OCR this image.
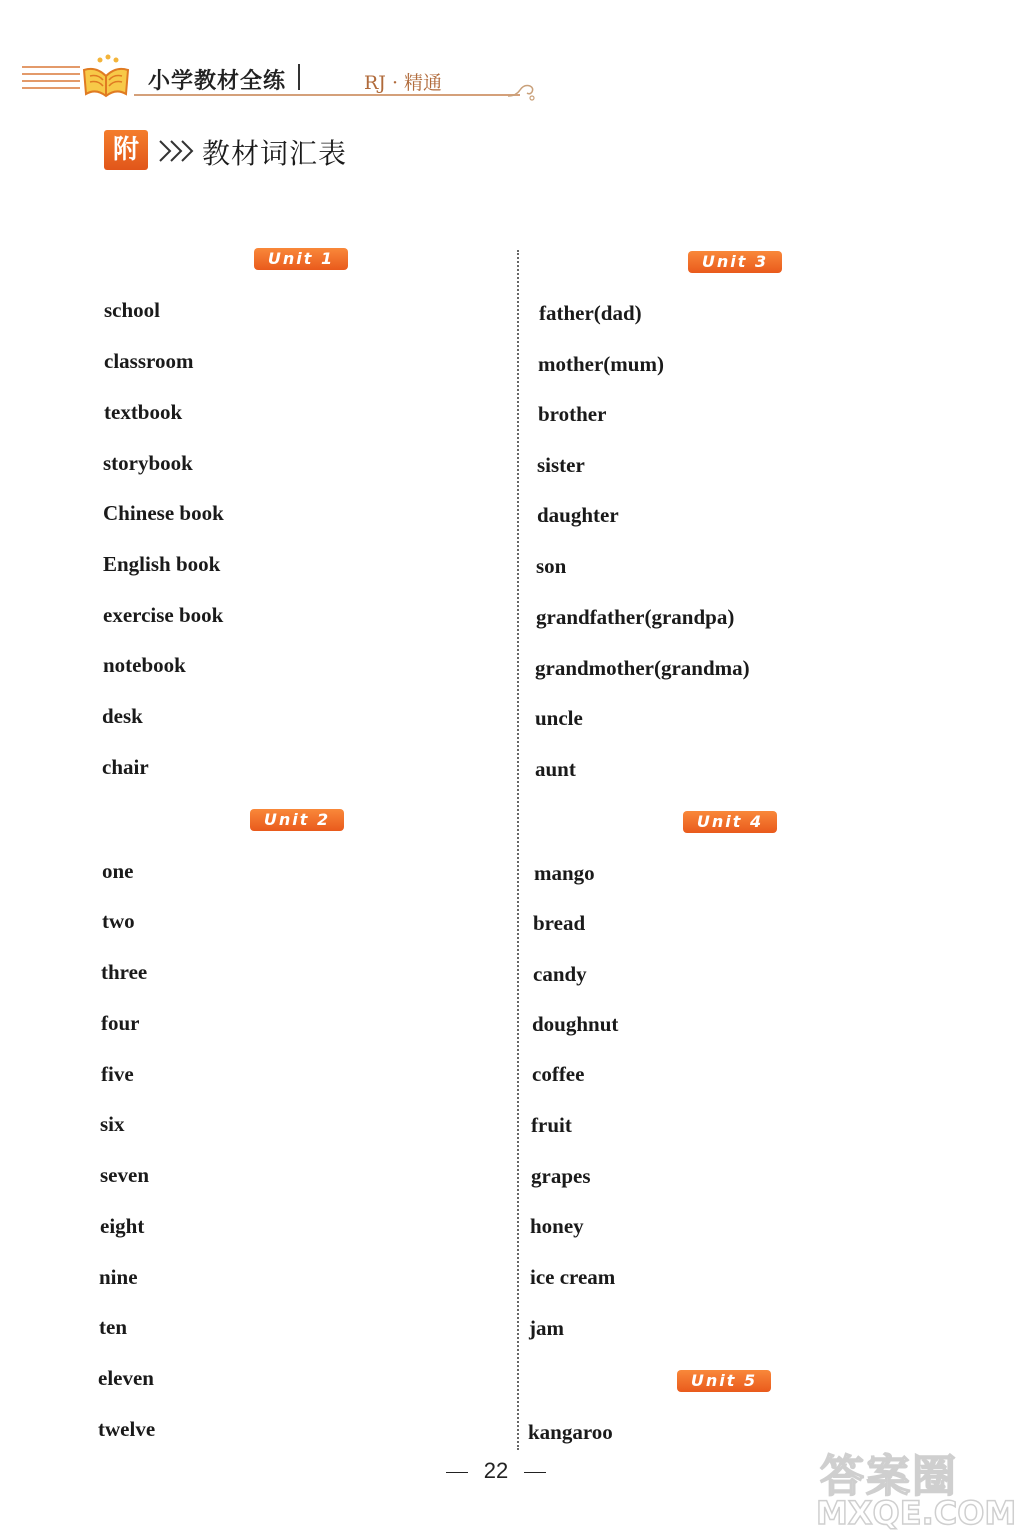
小学教材全练	RJ · 精通
附	教材词汇表
Unit 1
school
classroom
textbook
storybook
Chinese book
English book
exercise book
notebook
desk
chair
Unit 2
one
two
three
four
five
six
seven
eight
nine
ten
eleven
twelve
Unit 3
father(dad)
mother(mum)
brother
sister
daughter
son
grandfather(grandpa)
grandmother(grandma)
uncle
aunt
Unit 4
mango
bread
candy
doughnut
coffee
fruit
grapes
honey
ice cream
jam
Unit 5
kangaroo
22	答案圈
MXQE.COM
